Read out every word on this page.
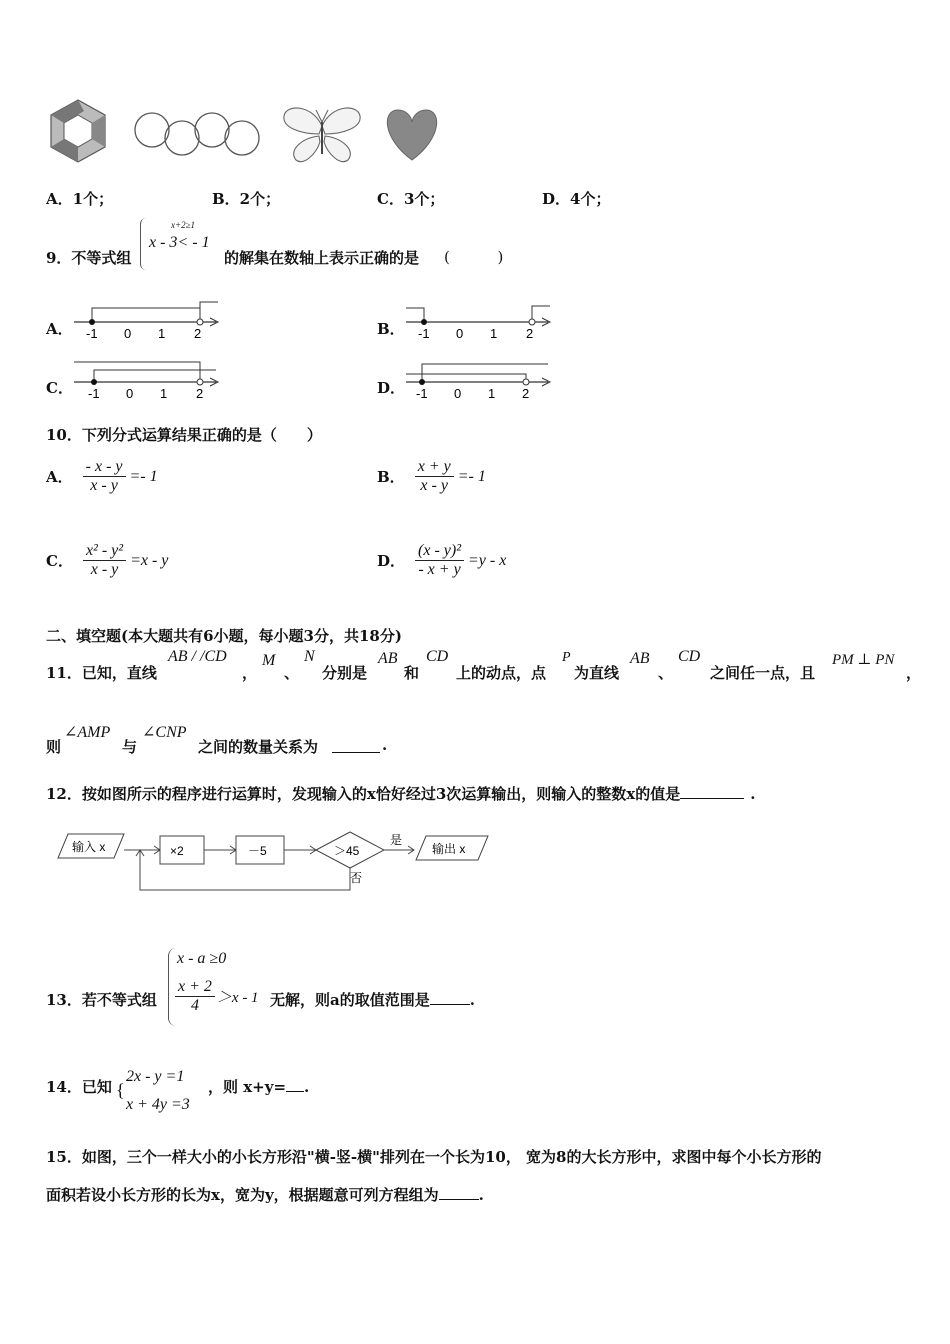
A．1个；	B．2个；	C．3个；	D．4个；
9．不等式组
x+2≥1
x - 3< - 1
的解集在数轴上表示正确的是 (          )
A． -1 0 1 2	B． -1 0 1 2
C． -1 0 1 2	D． -1 0 1 2
10．下列分式运算结果正确的是（　　）
A． $\frac{- x - y}{x - y} =- 1$	B． $\frac{x + y}{x - y} =- 1$
C． $\frac{\text{x² - y²}}{x - y} =x - y$	D． $\frac{\text{(x - y)²}}{- x + y} =y - x$
二、填空题(本大题共有6小题，每小题3分，共18分)
11．已知，直线
AB / /CD
，
M
、
N
分别是
AB
和
CD
上的动点，点
P
为直线
AB
、
CD
之间任一点，且
PM ⊥ PN
，
则
∠AMP
与
∠CNP
之间的数量关系为	.
12．按如图所示的程序进行运算时，发现输入的x恰好经过3次运算输出，则输入的整数x的值是	.
输入 x	×2	－5	＞45
是
输出 x
否
13．若不等式组
x - a ≥0
$\frac{x + 2}{4} >x - 1$ 无解，则a的取值范围是	.
14．已知 {
2x - y =1
x + 4y =3
，则 x+y= .
15．如图，三个一样大小的小长方形沿"横-竖-横"排列在一个长为10， 宽为8的大长方形中，求图中每个小长方形的
面积若设小长方形的长为x，宽为y，根据题意可列方程组为	.
